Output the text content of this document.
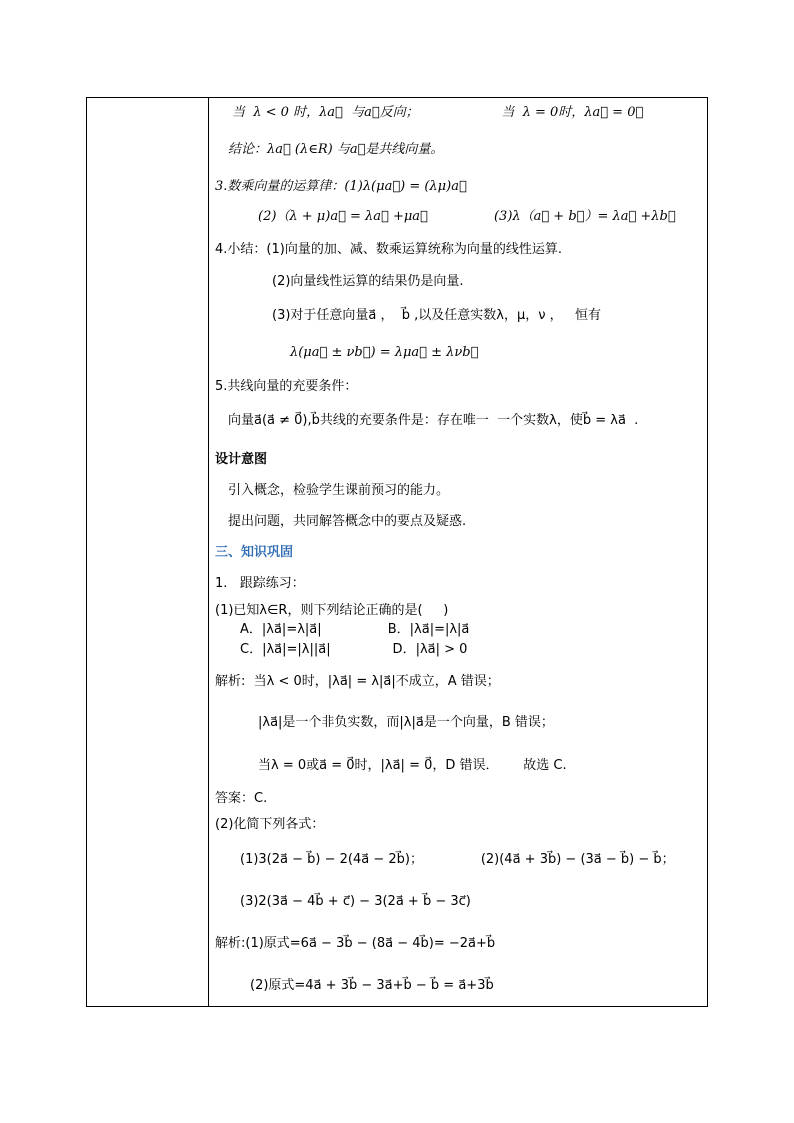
当  λ < 0 时，λa⃗  与a⃗反向；                    当  λ = 0时，λa⃗ = 0⃗
结论：λa⃗ (λ∈R) 与a⃗是共线向量。
3.数乘向量的运算律：(1)λ(μa⃗) = (λμ)a⃗
(2)（λ + μ)a⃗ = λa⃗ +μa⃗                (3)λ（a⃗ + b⃗）= λa⃗ +λb⃗
4.小结：(1)向量的加、减、数乘运算统称为向量的线性运算.
(2)向量线性运算的结果仍是向量.
(3)对于任意向量a⃗ ，  b⃗ ,以及任意实数λ，μ，ν ，   恒有
λ(μa⃗ ± νb⃗) = λμa⃗ ± λνb⃗
5.共线向量的充要条件：
向量a⃗(a⃗ ≠ 0⃗),b⃗共线的充要条件是：存在唯一  一个实数λ，使b⃗ = λa⃗  .
设计意图
引入概念，检验学生课前预习的能力。
提出问题，共同解答概念中的要点及疑惑.
三、知识巩固
1.   跟踪练习：
(1)已知λ∈R，则下列结论正确的是(     )
A．|λa⃗|=λ|a⃗|                B．|λa⃗|=|λ|a⃗
C．|λa⃗|=|λ||a⃗|               D．|λa⃗| > 0
解析:  当λ < 0时，|λa⃗| = λ|a⃗|不成立，A 错误；
|λa⃗|是一个非负实数，而|λ|a⃗是一个向量，B 错误；
当λ = 0或a⃗ = 0⃗时，|λa⃗| = 0⃗，D 错误．      故选 C.
答案：C.
(2)化简下列各式：
(1)3(2a⃗ − b⃗) − 2(4a⃗ − 2b⃗)；              (2)(4a⃗ + 3b⃗) − (3a⃗ − b⃗) − b⃗；
(3)2(3a⃗ − 4b⃗ + c⃗) − 3(2a⃗ + b⃗ − 3c⃗)
解析:(1)原式=6a⃗ − 3b⃗ − (8a⃗ − 4b⃗)= −2a⃗+b⃗
(2)原式=4a⃗ + 3b⃗ − 3a⃗+b⃗ − b⃗ = a⃗+3b⃗
